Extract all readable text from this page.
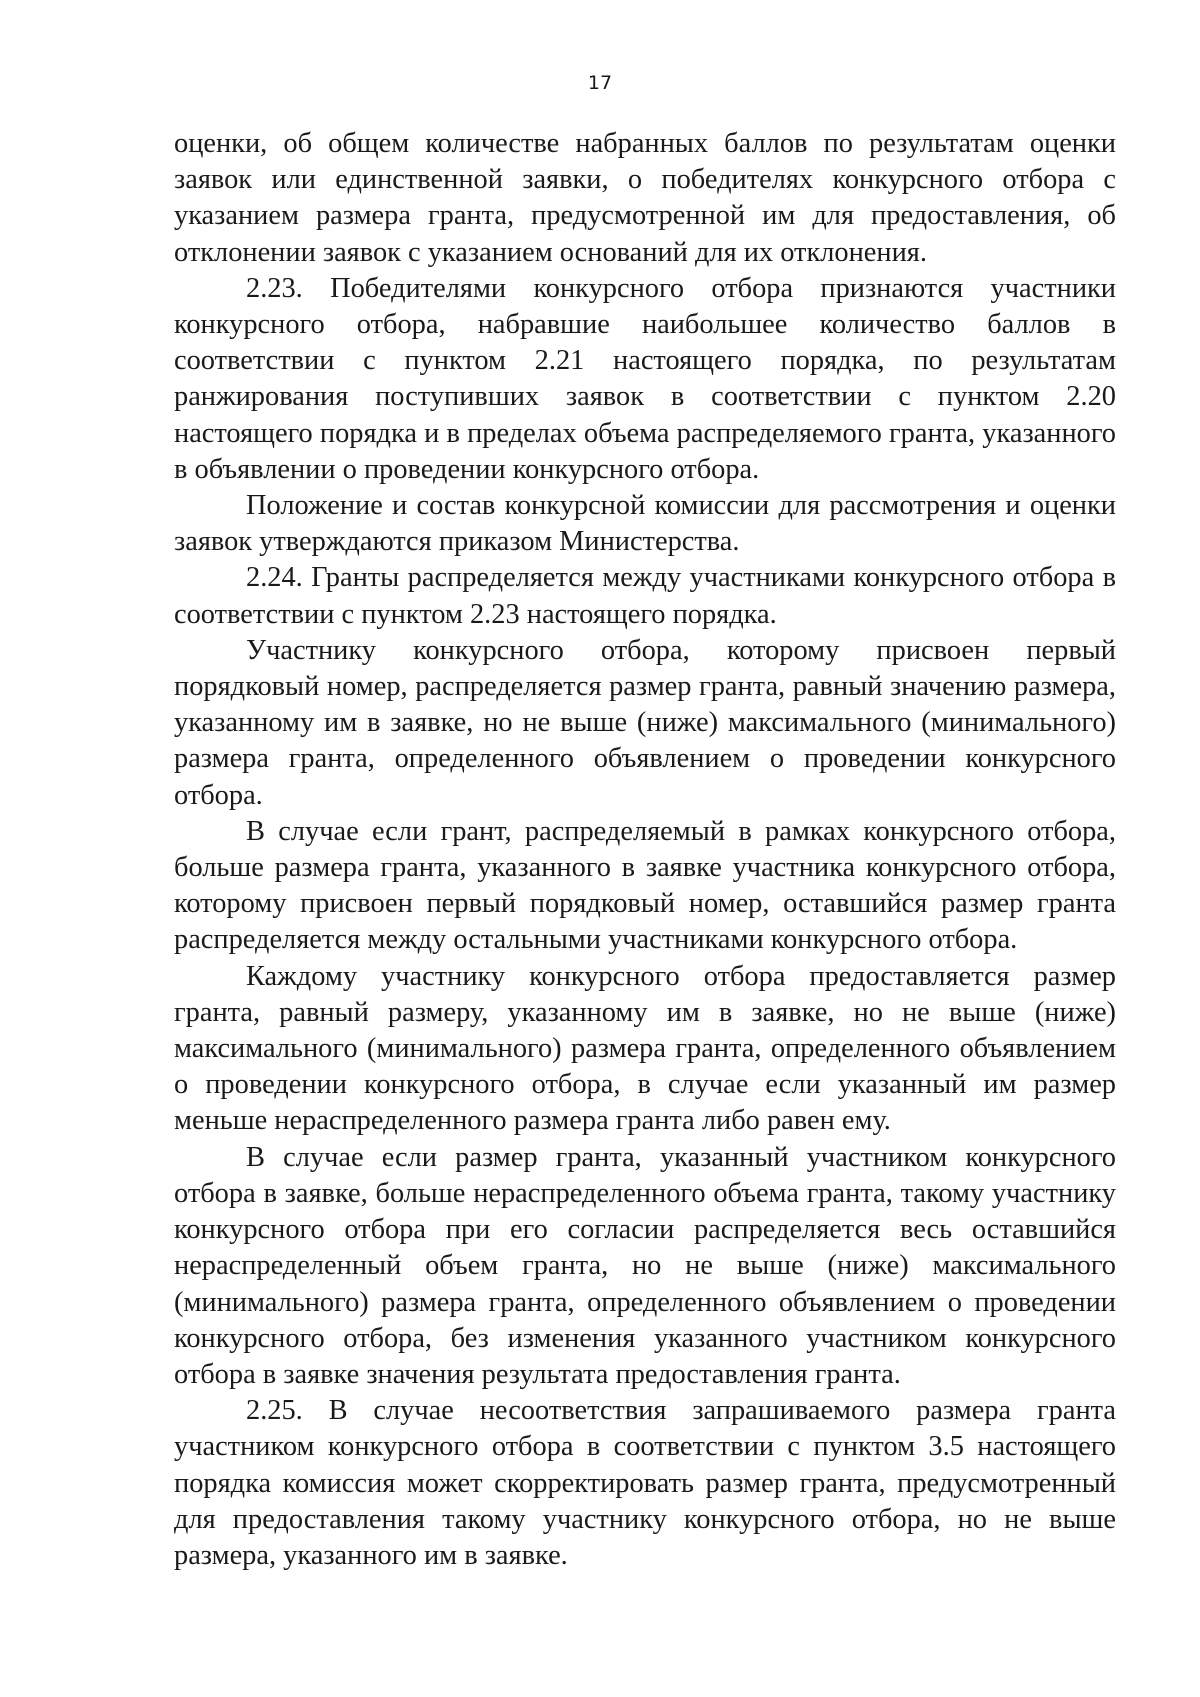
17

оценки, об общем количестве набранных баллов по результатам оценки заявок или единственной заявки, о победителях конкурсного отбора с указанием размера гранта, предусмотренной им для предоставления, об отклонении заявок с указанием оснований для их отклонения.

2.23. Победителями конкурсного отбора признаются участники конкурсного отбора, набравшие наибольшее количество баллов в соответствии с пунктом 2.21 настоящего порядка, по результатам ранжирования поступивших заявок в соответствии с пунктом 2.20 настоящего порядка и в пределах объема распределяемого гранта, указанного в объявлении о проведении конкурсного отбора.

Положение и состав конкурсной комиссии для рассмотрения и оценки заявок утверждаются приказом Министерства.

2.24. Гранты распределяется между участниками конкурсного отбора в соответствии с пунктом 2.23 настоящего порядка.

Участнику конкурсного отбора, которому присвоен первый порядковый номер, распределяется размер гранта, равный значению размера, указанному им в заявке, но не выше (ниже) максимального (минимального) размера гранта, определенного объявлением о проведении конкурсного отбора.

В случае если грант, распределяемый в рамках конкурсного отбора, больше размера гранта, указанного в заявке участника конкурсного отбора, которому присвоен первый порядковый номер, оставшийся размер гранта распределяется между остальными участниками конкурсного отбора.

Каждому участнику конкурсного отбора предоставляется размер гранта, равный размеру, указанному им в заявке, но не выше (ниже) максимального (минимального) размера гранта, определенного объявлением о проведении конкурсного отбора, в случае если указанный им размер меньше нераспределенного размера гранта либо равен ему.

В случае если размер гранта, указанный участником конкурсного отбора в заявке, больше нераспределенного объема гранта, такому участнику конкурсного отбора при его согласии распределяется весь оставшийся нераспределенный объем гранта, но не выше (ниже) максимального (минимального) размера гранта, определенного объявлением о проведении конкурсного отбора, без изменения указанного участником конкурсного отбора в заявке значения результата предоставления гранта.

2.25. В случае несоответствия запрашиваемого размера гранта участником конкурсного отбора в соответствии с пунктом 3.5 настоящего порядка комиссия может скорректировать размер гранта, предусмотренный для предоставления такому участнику конкурсного отбора, но не выше размера, указанного им в заявке.
